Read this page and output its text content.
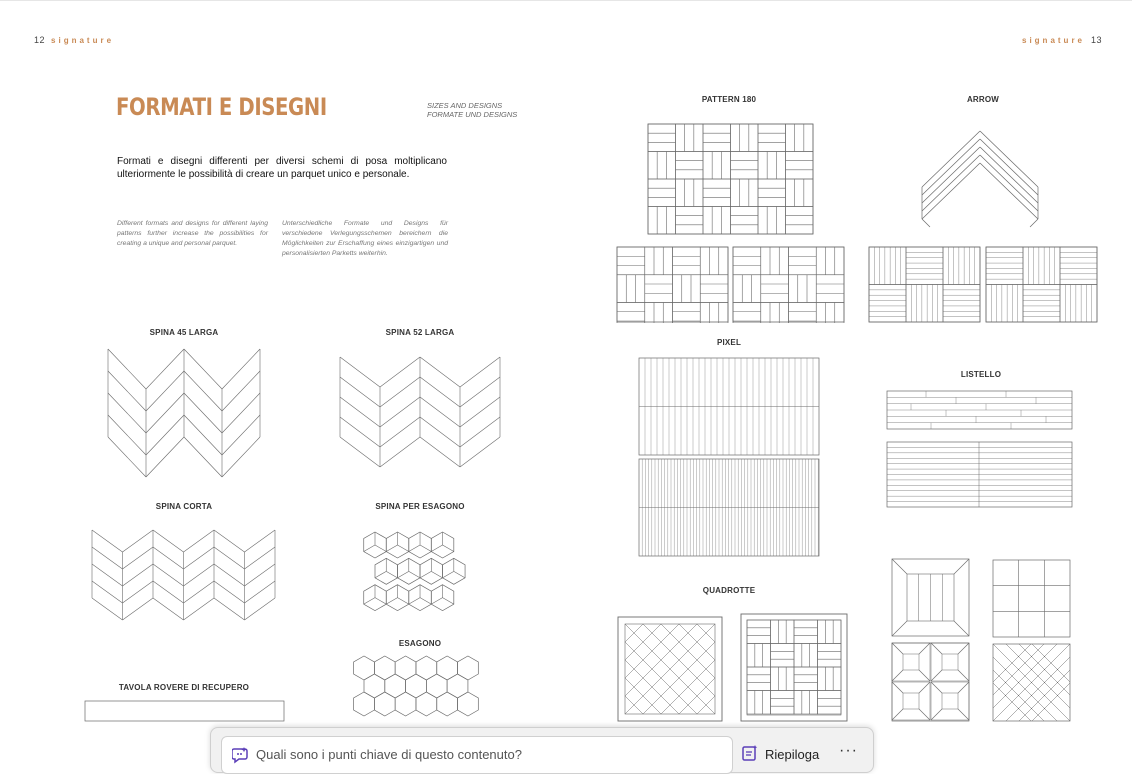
12 signature	signature 13
FORMATI E DISEGNI	SIZES AND DESIGNS
FORMATE UND DESIGNS
Formati e disegni differenti per diversi schemi di posa moltiplicano ulteriormente le possibilità di creare un parquet unico e personale.
Different formats and designs for different laying patterns further increase the possibilities for creating a unique and personal parquet.
Unterschiedliche Formate und Designs für verschiedene Verlegungsschemen bereichern die Möglichkeiten zur Erschaffung eines einzigartigen und personalisierten Parketts weiterhin.
SPINA 45 LARGA	SPINA 52 LARGA
SPINA CORTA	SPINA PER ESAGONO
ESAGONO
TAVOLA ROVERE DI RECUPERO
PATTERN 180	ARROW
PIXEL
LISTELLO
QUADROTTE
Quali sono i punti chiave di questo contenuto?	Riepiloga ···
